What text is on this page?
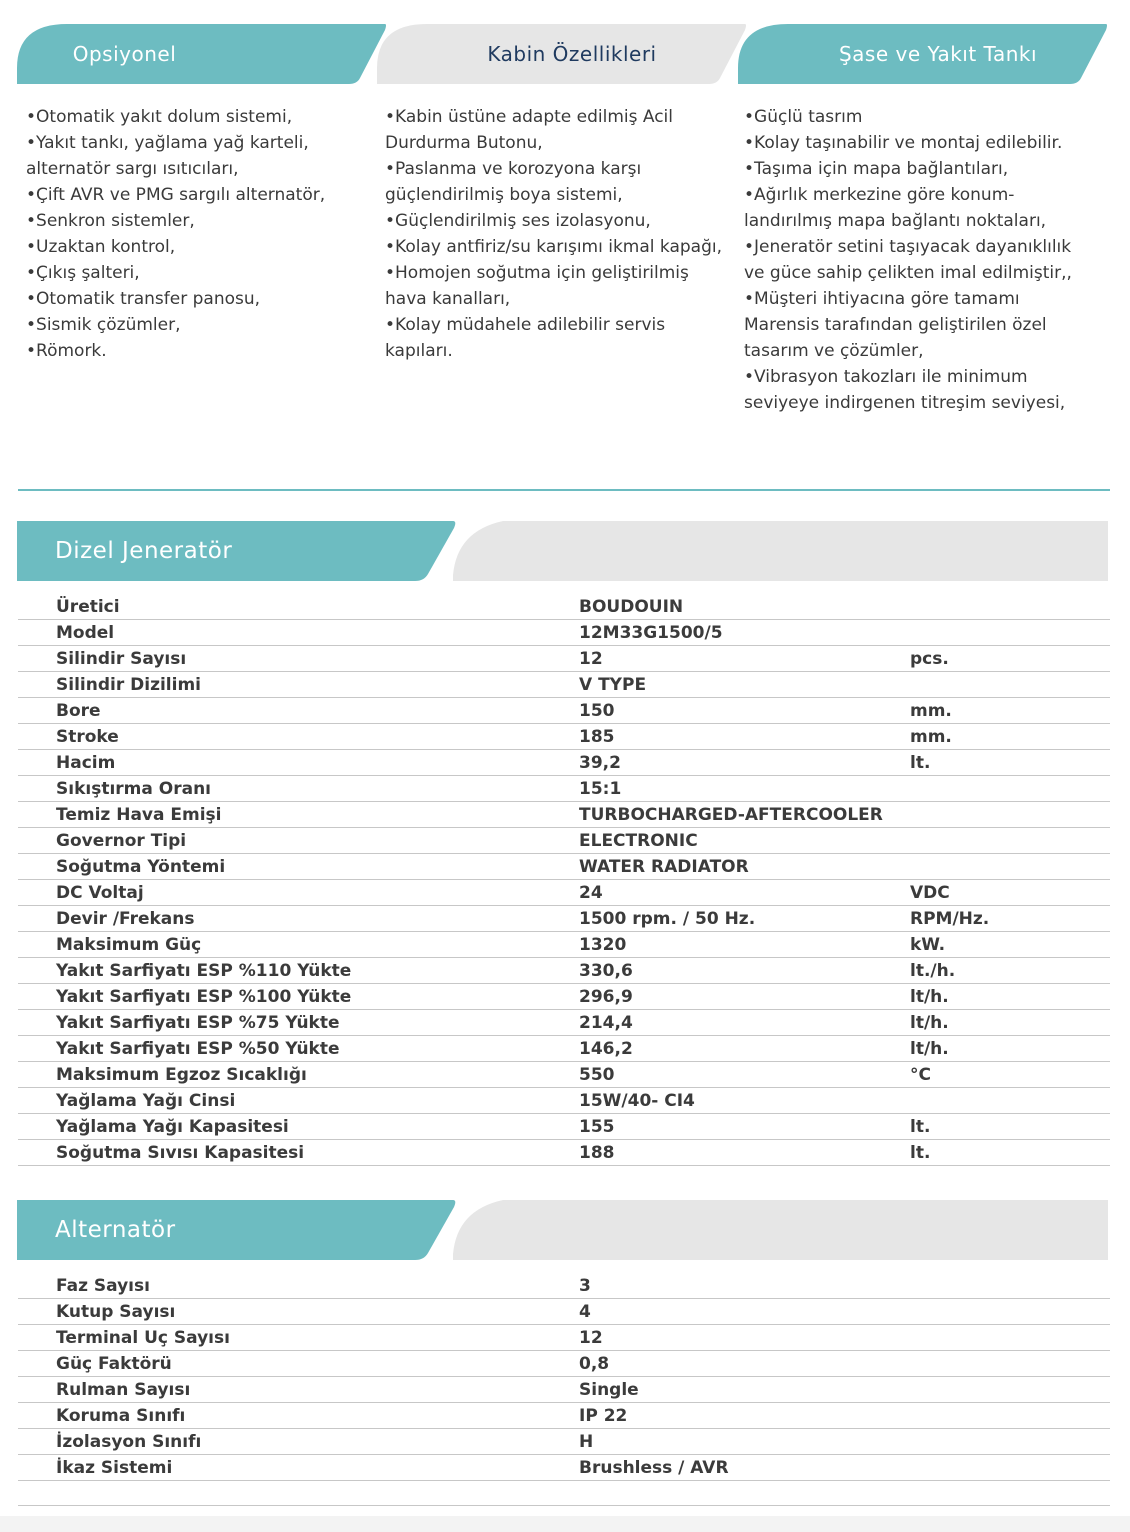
Opsiyonel	Kabin Özellikleri	Şase ve Yakıt Tankı
•Otomatik yakıt dolum sistemi,
•Yakıt tankı, yağlama yağ karteli,
alternatör sargı ısıtıcıları,
•Çift AVR ve PMG sargılı alternatör,
•Senkron sistemler,
•Uzaktan kontrol,
•Çıkış şalteri,
•Otomatik transfer panosu,
•Sismik çözümler,
•Römork.
•Kabin üstüne adapte edilmiş Acil
Durdurma Butonu,
•Paslanma ve korozyona karşı
güçlendirilmiş boya sistemi,
•Güçlendirilmiş ses izolasyonu,
•Kolay antfiriz/su karışımı ikmal kapağı,
•Homojen soğutma için geliştirilmiş
hava kanalları,
•Kolay müdahele adilebilir servis
kapıları.
•Güçlü tasrım
•Kolay taşınabilir ve montaj edilebilir.
•Taşıma için mapa bağlantıları,
•Ağırlık merkezine göre konum-
landırılmış mapa bağlantı noktaları,
•Jeneratör setini taşıyacak dayanıklılık
ve güce sahip çelikten imal edilmiştir,,
•Müşteri ihtiyacına göre tamamı
Marensis tarafından geliştirilen özel
tasarım ve çözümler,
•Vibrasyon takozları ile minimum
seviyeye indirgenen titreşim seviyesi,
Dizel Jeneratör
Üretici	BOUDOUIN
Model	12M33G1500/5
Silindir Sayısı	12	pcs.
Silindir Dizilimi	V TYPE
Bore	150	mm.
Stroke	185	mm.
Hacim	39,2	lt.
Sıkıştırma Oranı	15:1
Temiz Hava Emişi	TURBOCHARGED-AFTERCOOLER
Governor Tipi	ELECTRONIC
Soğutma Yöntemi	WATER RADIATOR
DC Voltaj	24	VDC
Devir /Frekans	1500 rpm. / 50 Hz.	RPM/Hz.
Maksimum Güç	1320	kW.
Yakıt Sarfiyatı ESP %110 Yükte	330,6	lt./h.
Yakıt Sarfiyatı ESP %100 Yükte	296,9	lt/h.
Yakıt Sarfiyatı ESP %75 Yükte	214,4	lt/h.
Yakıt Sarfiyatı ESP %50 Yükte	146,2	lt/h.
Maksimum Egzoz Sıcaklığı	550	°C
Yağlama Yağı Cinsi	15W/40- CI4
Yağlama Yağı Kapasitesi	155	lt.
Soğutma Sıvısı Kapasitesi	188	lt.
Alternatör
Faz Sayısı	3
Kutup Sayısı	4
Terminal Uç Sayısı	12
Güç Faktörü	0,8
Rulman Sayısı	Single
Koruma Sınıfı	IP 22
İzolasyon Sınıfı	H
İkaz Sistemi	Brushless / AVR
